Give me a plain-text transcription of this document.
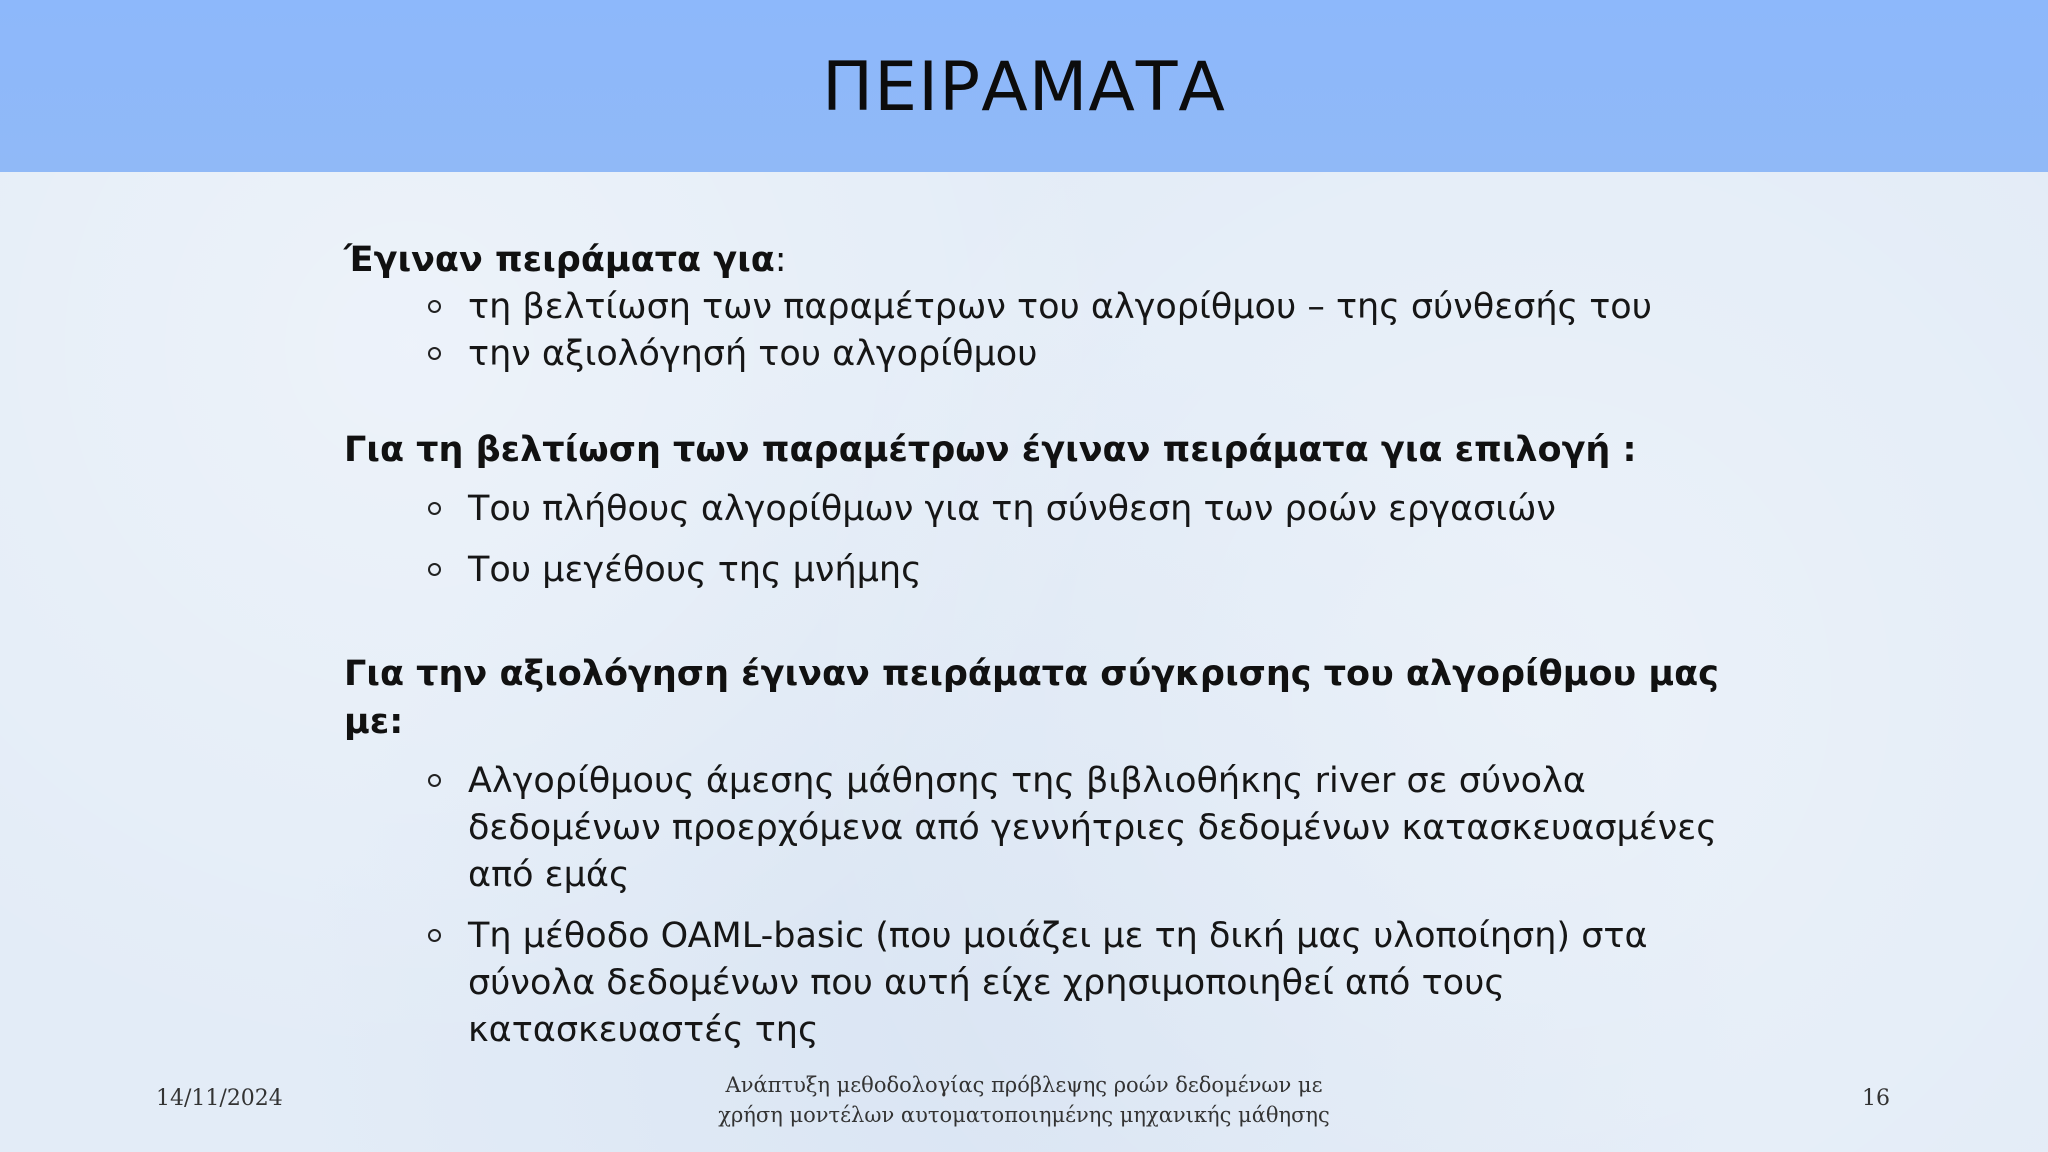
ΠΕΙΡΑΜΑΤΑ

Έγιναν πειράματα για:

τη βελτίωση των παραμέτρων του αλγορίθμου – της σύνθεσής του
την αξιολόγησή του αλγορίθμου

Για τη βελτίωση των παραμέτρων έγιναν πειράματα για επιλογή :

Του πλήθους αλγορίθμων για τη σύνθεση των ροών εργασιών
Του μεγέθους της μνήμης

Για την αξιολόγηση έγιναν πειράματα σύγκρισης του αλγορίθμου μας με:

Αλγορίθμους άμεσης μάθησης της βιβλιοθήκης river σε σύνολα δεδομένων προερχόμενα από γεννήτριες δεδομένων κατασκευασμένες από εμάς
Τη μέθοδο OAML-basic (που μοιάζει με τη δική μας υλοποίηση) στα σύνολα δεδομένων που αυτή είχε χρησιμοποιηθεί από τους κατασκευαστές της
14/11/2024
Ανάπτυξη μεθοδολογίας πρόβλεψης ροών δεδομένων με
χρήση μοντέλων αυτοματοποιημένης μηχανικής μάθησης
16
